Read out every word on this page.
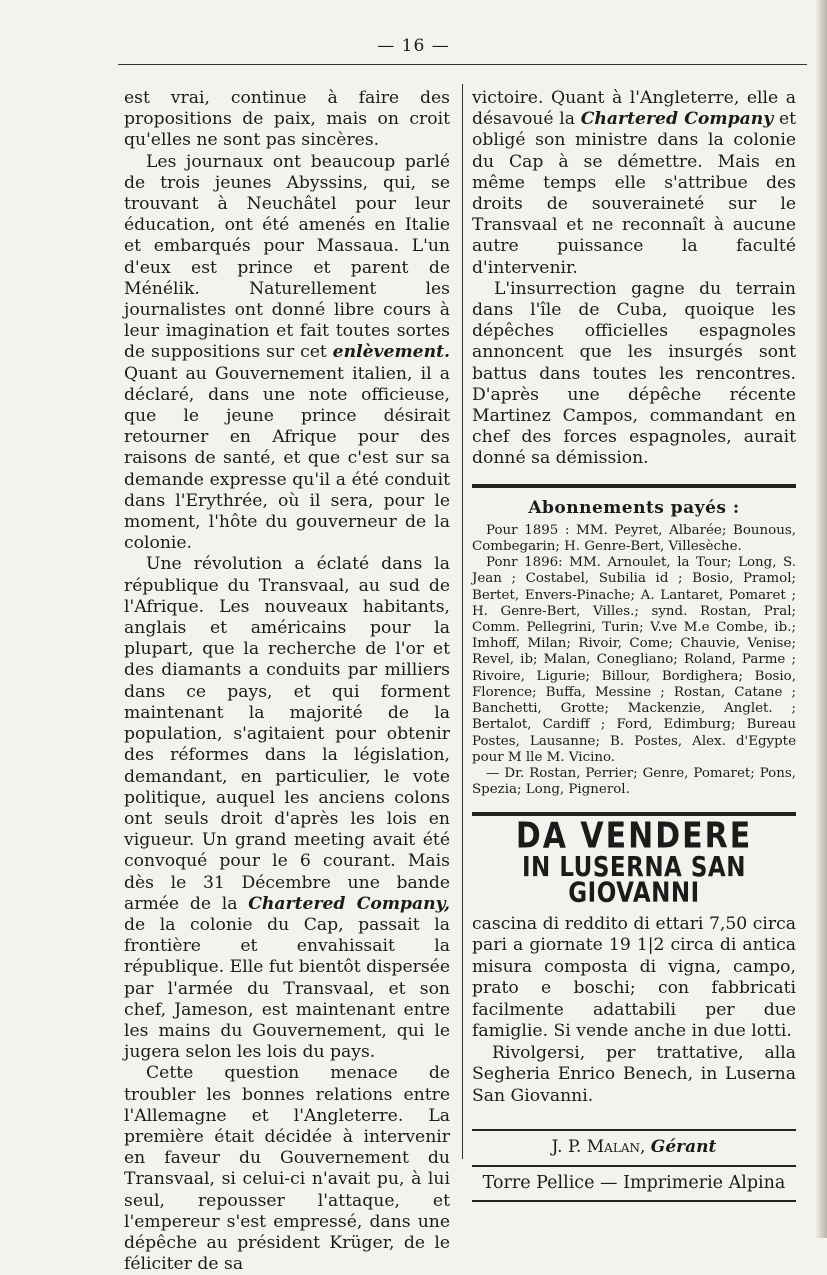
— 16 —

est vrai, continue à faire des propositions de paix, mais on croit qu'elles ne sont pas sincères.

Les journaux ont beaucoup parlé de trois jeunes Abyssins, qui, se trouvant à Neuchâtel pour leur éducation, ont été amenés en Italie et embarqués pour Massaua. L'un d'eux est prince et parent de Ménélik. Naturellement les journalistes ont donné libre cours à leur imagination et fait toutes sortes de suppositions sur cet enlèvement. Quant au Gouvernement italien, il a déclaré, dans une note officieuse, que le jeune prince désirait retourner en Afrique pour des raisons de santé, et que c'est sur sa demande expresse qu'il a été conduit dans l'Erythrée, où il sera, pour le moment, l'hôte du gouverneur de la colonie.

Une révolution a éclaté dans la république du Transvaal, au sud de l'Afrique. Les nouveaux habitants, anglais et américains pour la plupart, que la recherche de l'or et des diamants a conduits par milliers dans ce pays, et qui forment maintenant la majorité de la population, s'agitaient pour obtenir des réformes dans la législation, demandant, en particulier, le vote politique, auquel les anciens colons ont seuls droit d'après les lois en vigueur. Un grand meeting avait été convoqué pour le 6 courant. Mais dès le 31 Décembre une bande armée de la Chartered Company, de la colonie du Cap, passait la frontière et envahissait la république. Elle fut bientôt dispersée par l'armée du Transvaal, et son chef, Jameson, est maintenant entre les mains du Gouvernement, qui le jugera selon les lois du pays.

Cette question menace de troubler les bonnes relations entre l'Allemagne et l'Angleterre. La première était décidée à intervenir en faveur du Gouvernement du Transvaal, si celui-ci n'avait pu, à lui seul, repousser l'attaque, et l'empereur s'est empressé, dans une dépêche au président Krüger, de le féliciter de sa

victoire. Quant à l'Angleterre, elle a désavoué la Chartered Company et obligé son ministre dans la colonie du Cap à se démettre. Mais en même temps elle s'attribue des droits de souveraineté sur le Transvaal et ne reconnaît à aucune autre puissance la faculté d'intervenir.

L'insurrection gagne du terrain dans l'île de Cuba, quoique les dépêches officielles espagnoles annoncent que les insurgés sont battus dans toutes les rencontres. D'après une dépêche récente Martinez Campos, commandant en chef des forces espagnoles, aurait donné sa démission.

Abonnements payés :

Pour 1895 : MM. Peyret, Albarée; Bounous, Combegarin; H. Genre-Bert, Villesèche.

Ponr 1896: MM. Arnoulet, la Tour; Long, S. Jean ; Costabel, Subilia id ; Bosio, Pramol; Bertet, Envers-Pinache; A. Lantaret, Pomaret ; H. Genre-Bert, Villes.; synd. Rostan, Pral; Comm. Pellegrini, Turin; V.ve M.e Combe, ib.; Imhoff, Milan; Rivoir, Come; Chauvie, Venise; Revel, ib; Malan, Conegliano; Roland, Parme ; Rivoire, Ligurie; Billour, Bordighera; Bosio, Florence; Buffa, Messine ; Rostan, Catane ; Banchetti, Grotte; Mackenzie, Anglet. ; Bertalot, Cardiff ; Ford, Edimburg; Bureau Postes, Lausanne; B. Postes, Alex. d'Egypte pour M lle M. Vicino.

— Dr. Rostan, Perrier; Genre, Pomaret; Pons, Spezia; Long, Pignerol.

DA VENDERE
IN LUSERNA SAN GIOVANNI

cascina di reddito di ettari 7,50 circa pari a giornate 19 1|2 circa di antica misura composta di vigna, campo, prato e boschi; con fabbricati facilmente adattabili per due famiglie. Si vende anche in due lotti.

Rivolgersi, per trattative, alla Segheria Enrico Benech, in Luserna San Giovanni.

J. P. Malan, Gérant
Torre Pellice — Imprimerie Alpina
